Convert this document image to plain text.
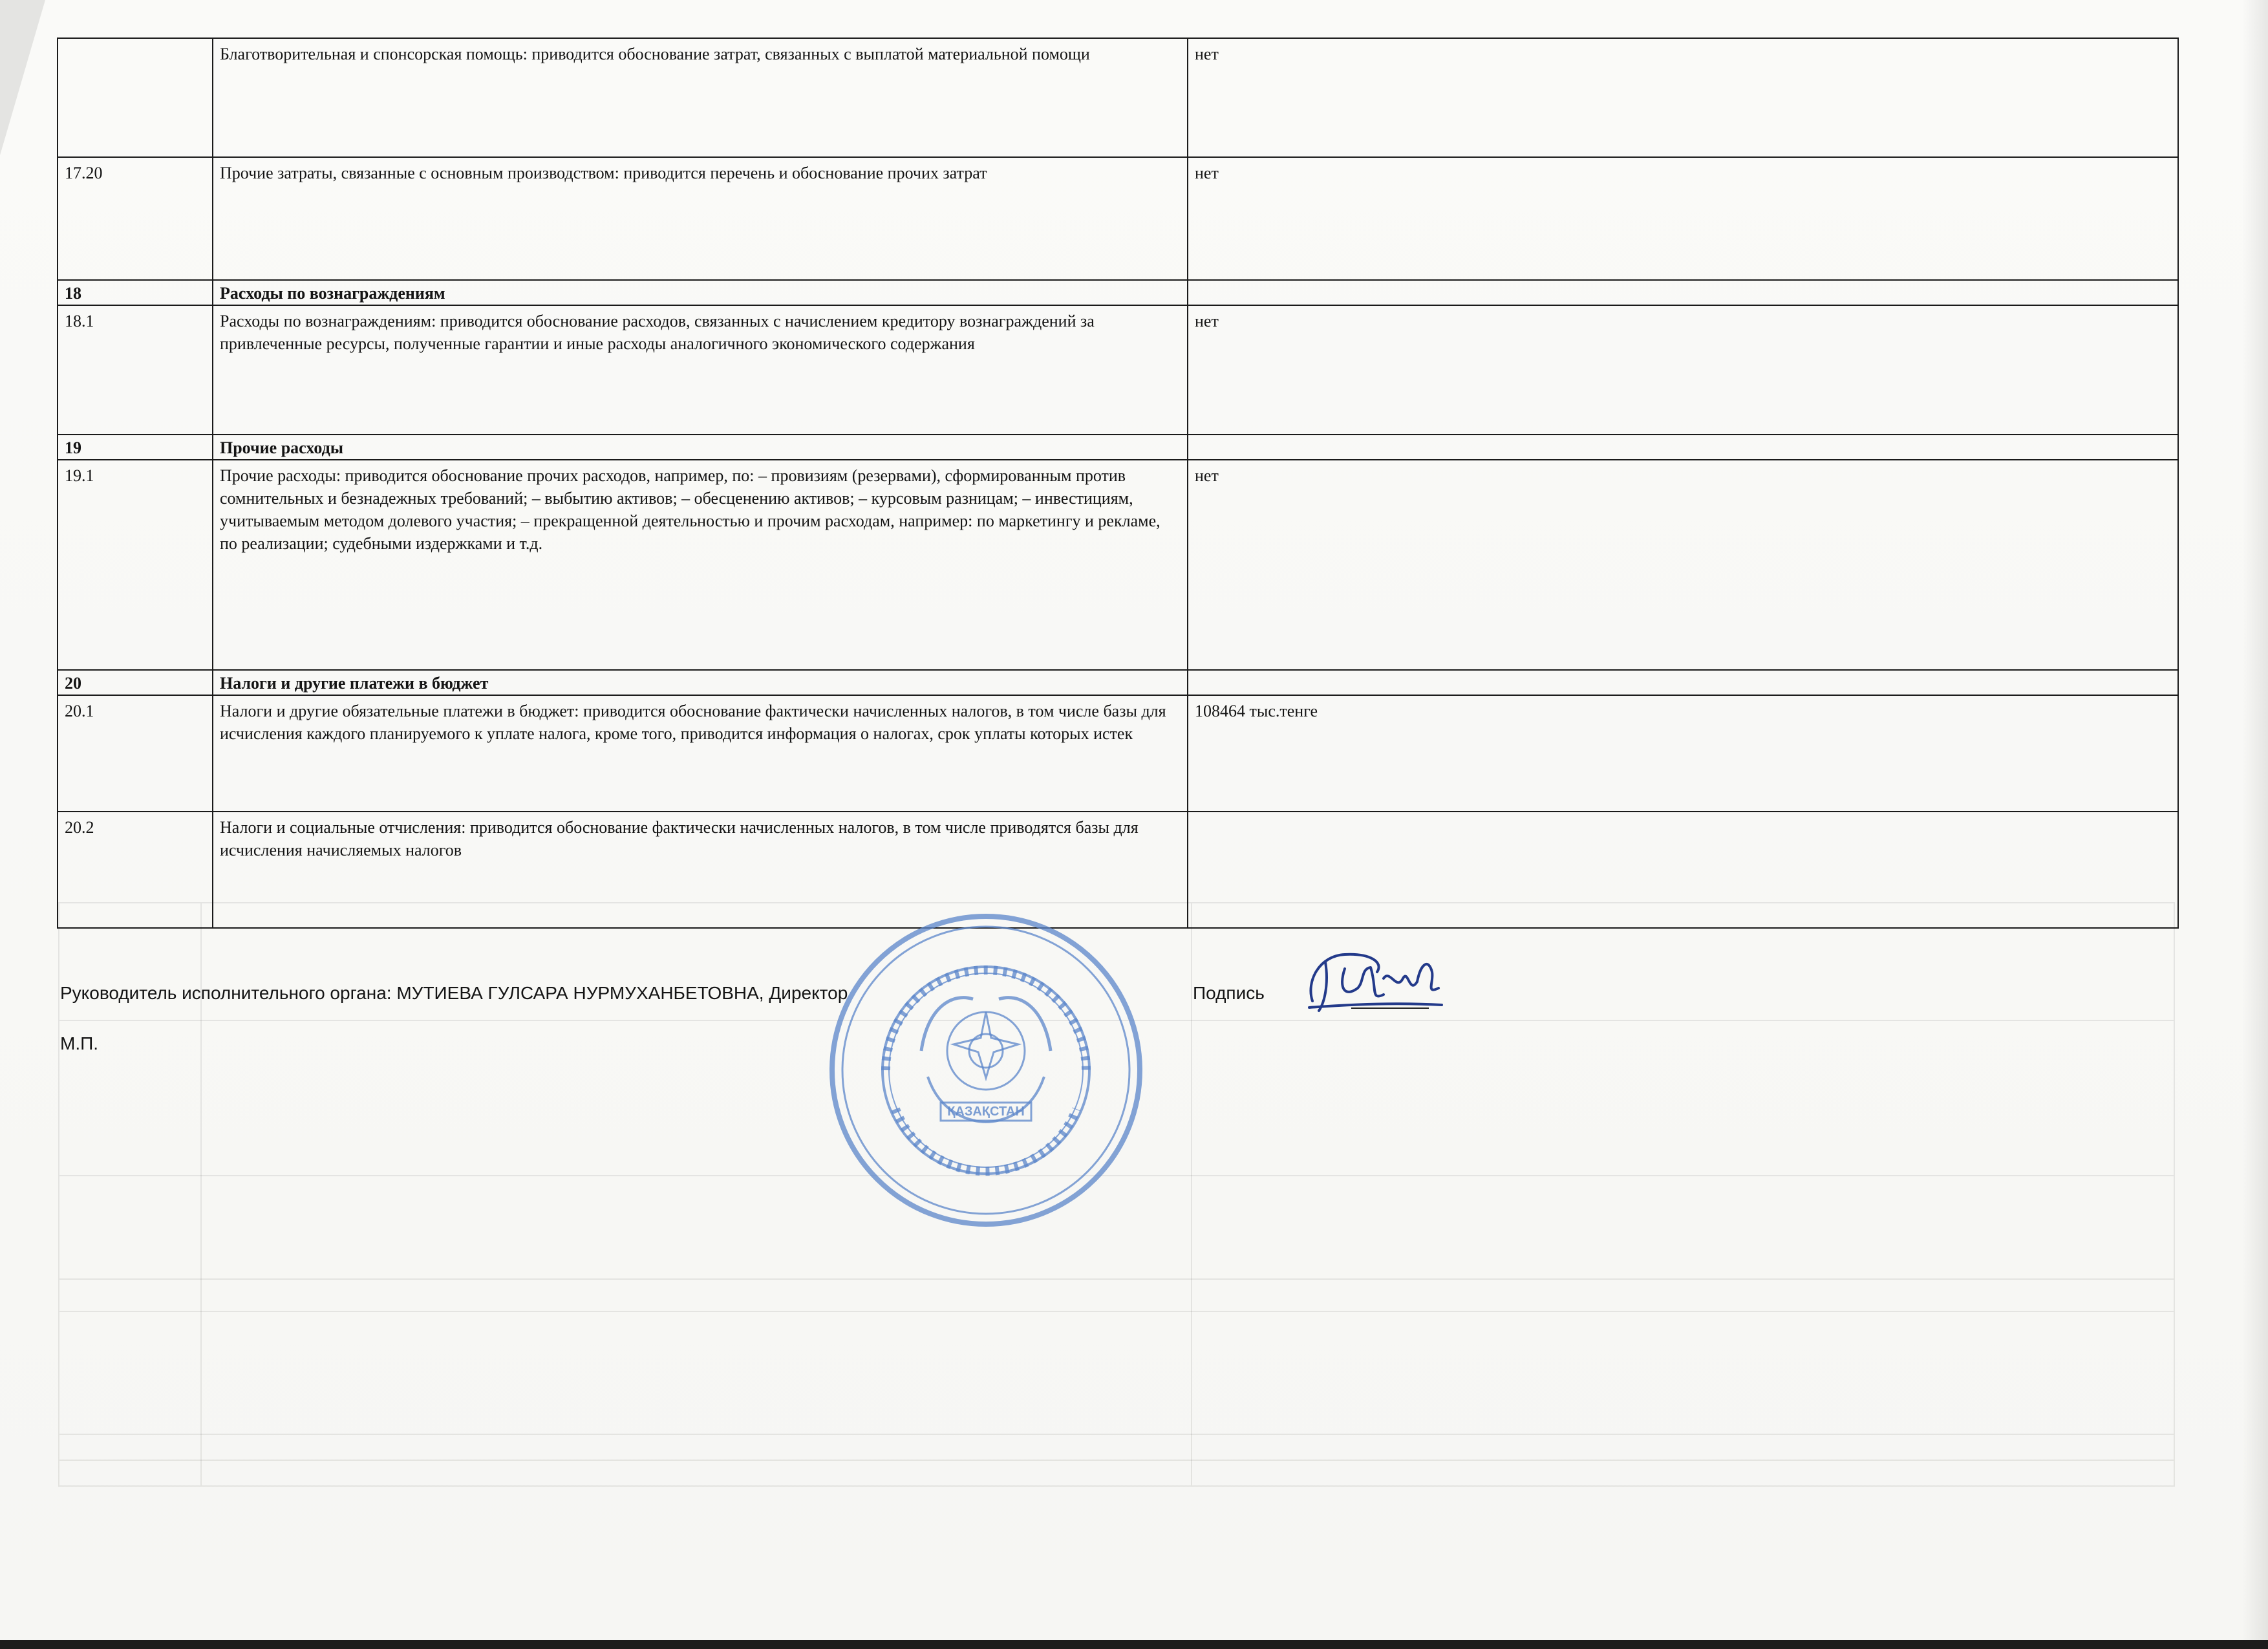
	Благотворительная и спонсорская помощь: приводится обоснование затрат, связанных с выплатой материальной помощи	нет
17.20	Прочие затраты, связанные с основным производством: приводится перечень и обоснование прочих затрат	нет
18	Расходы по вознаграждениям	
18.1	Расходы по вознаграждениям: приводится обоснование расходов, связанных с начислением кредитору вознаграждений за привлеченные ресурсы, полученные гарантии и иные расходы аналогичного экономического содержания	нет
19	Прочие расходы	
19.1	Прочие расходы: приводится обоснование прочих расходов, например, по: – провизиям (резервами), сформированным против сомнительных и безнадежных требований; – выбытию активов; – обесценению активов; – курсовым разницам; – инвестициям, учитываемым методом долевого участия; – прекращенной деятельностью и прочим расходам, например: по маркетингу и рекламе, по реализации; судебными издержками и т.д.	нет
20	Налоги и другие платежи в бюджет	
20.1	Налоги и другие обязательные платежи в бюджет: приводится обоснование фактически начисленных налогов, в том числе базы для исчисления каждого планируемого к уплате налога, кроме того, приводится информация о налогах, срок уплаты которых истек	108464 тыс.тенге
20.2	Налоги и социальные отчисления: приводится обоснование фактически начисленных налогов, в том числе приводятся базы для исчисления начисляемых налогов	
Руководитель исполнительного органа: МУТИЕВА ГУЛСАРА НУРМУХАНБЕТОВНА, Директор	Подпись
М.П.
ҚАЗАҚСТАН
